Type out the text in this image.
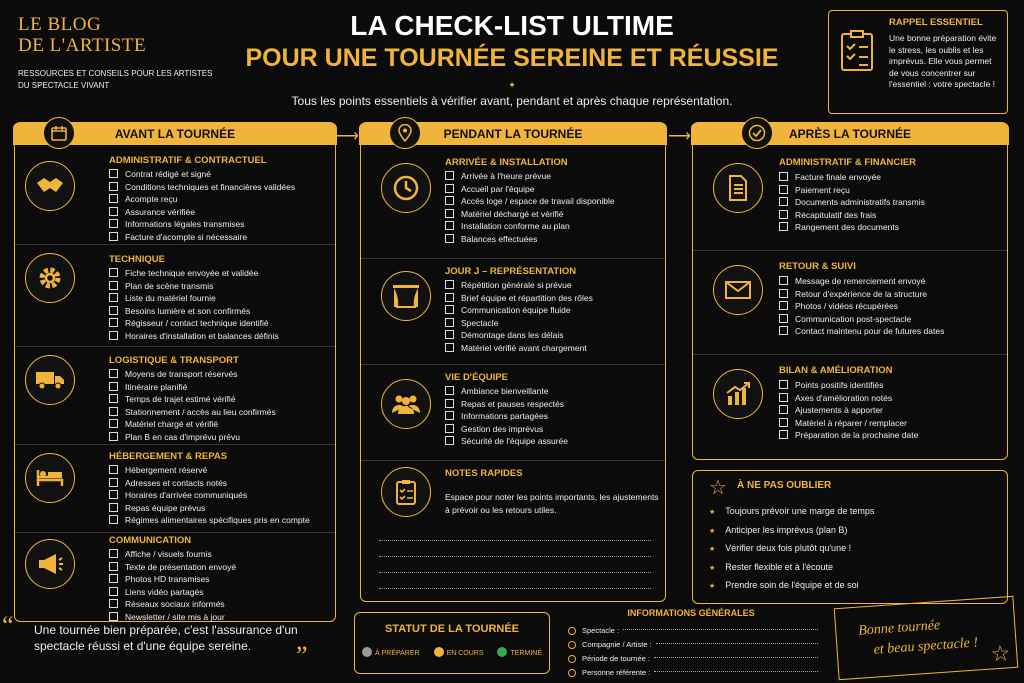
LE BLOG
DE L'ARTISTE
RESSOURCES ET CONSEILS POUR LES ARTISTES DU SPECTACLE VIVANT
LA CHECK-LIST ULTIME
POUR UNE TOURNÉE SEREINE ET RÉUSSIE
✦
Tous les points essentiels à vérifier avant, pendant et après chaque représentation.
RAPPEL ESSENTIEL
Une bonne préparation évite le stress, les oublis et les imprévus. Elle vous permet de vous concentrer sur l'essentiel : votre spectacle !
AVANT LA TOURNÉE
ADMINISTRATIF & CONTRACTUEL
Contrat rédigé et signé
Conditions techniques et financières validées
Acompte reçu
Assurance vérifiée
Informations légales transmises
Facture d'acompte si nécessaire
TECHNIQUE
Fiche technique envoyée et validée
Plan de scène transmis
Liste du matériel fournie
Besoins lumière et son confirmés
Régisseur / contact technique identifié
Horaires d'installation et balances définis
LOGISTIQUE & TRANSPORT
Moyens de transport réservés
Itinéraire planifié
Temps de trajet estimé vérifié
Stationnement / accès au lieu confirmés
Matériel chargé et vérifié
Plan B en cas d'imprévu prévu
HÉBERGEMENT & REPAS
Hébergement réservé
Adresses et contacts notés
Horaires d'arrivée communiqués
Repas équipe prévus
Régimes alimentaires spécifiques pris en compte
COMMUNICATION
Affiche / visuels fournis
Texte de présentation envoyé
Photos HD transmises
Liens vidéo partagés
Réseaux sociaux informés
Newsletter / site mis à jour
⟶	PENDANT LA TOURNÉE
ARRIVÉE & INSTALLATION
Arrivée à l'heure prévue
Accueil par l'équipe
Accès loge / espace de travail disponible
Matériel déchargé et vérifié
Installation conforme au plan
Balances effectuées
JOUR J – REPRÉSENTATION
Répétition générale si prévue
Brief équipe et répartition des rôles
Communication équipe fluide
Spectacle
Démontage dans les délais
Matériel vérifié avant chargement
VIE D'ÉQUIPE
Ambiance bienveillante
Repas et pauses respectés
Informations partagées
Gestion des imprévus
Sécurité de l'équipe assurée
NOTES RAPIDES
Espace pour noter les points importants, les ajustements à prévoir ou les retours utiles.
⟶	APRÈS LA TOURNÉE
ADMINISTRATIF & FINANCIER
Facture finale envoyée
Paiement reçu
Documents administratifs transmis
Récapitulatif des frais
Rangement des documents
RETOUR & SUIVI
Message de remerciement envoyé
Retour d'expérience de la structure
Photos / vidéos récupérées
Communication post-spectacle
Contact maintenu pour de futures dates
BILAN & AMÉLIORATION
Points positifs identifiés
Axes d'amélioration notés
Ajustements à apporter
Matériel à réparer / remplacer
Préparation de la prochaine date
☆ À NE PAS OUBLIER
★ Toujours prévoir une marge de temps
★ Anticiper les imprévus (plan B)
★ Vérifier deux fois plutôt qu'une !
★ Rester flexible et à l'écoute
★ Prendre soin de l'équipe et de soi
“ Une tournée bien préparée, c'est l'assurance d'un spectacle réussi et d'une équipe sereine. ”
STATUT DE LA TOURNÉE
À PRÉPARER	EN COURS	TERMINÉ
INFORMATIONS GÉNÉRALES
Spectacle :
Compagnie / Artiste :
Période de tournée :
Personne référente :
Bonne tournée
et beau spectacle ! ☆
